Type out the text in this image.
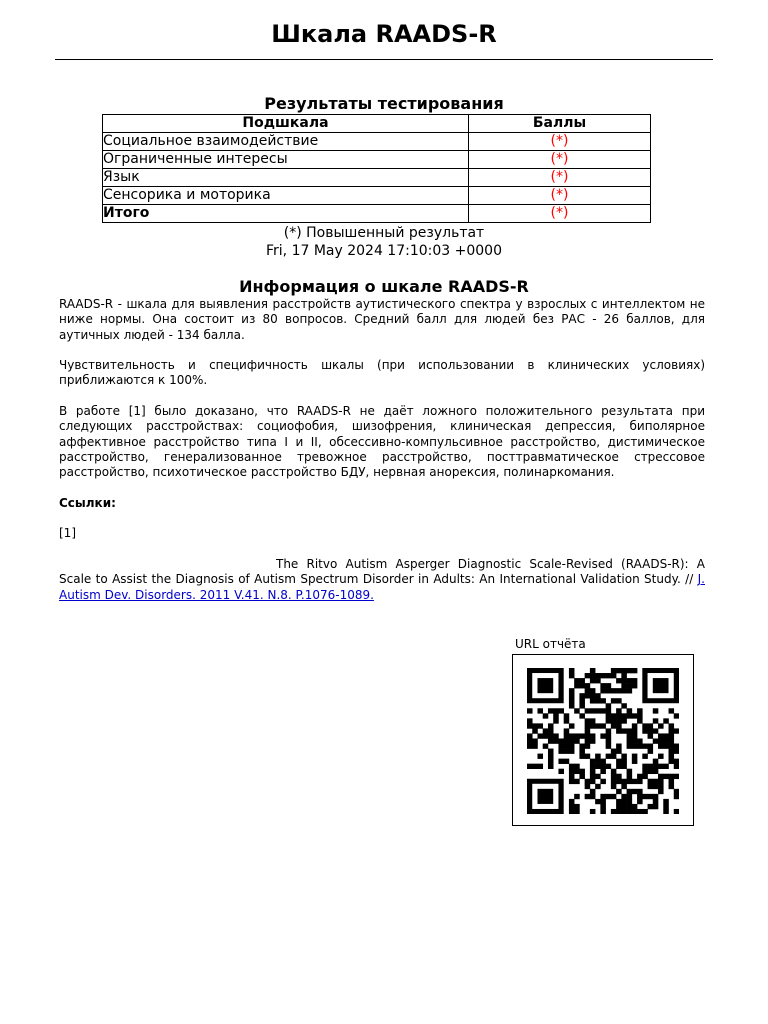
Шкала RAADS-R
Результаты тестирования
Подшкала	Баллы
Социальное взаимодействие	(*)
Ограниченные интересы	(*)
Язык	(*)
Сенсорика и моторика	(*)
Итого	(*)
(*) Повышенный результат
Fri, 17 May 2024 17:10:03 +0000
Информация о шкале RAADS-R

RAADS-R - шкала для выявления расстройств аутистического спектра у взрослых с интеллектом не ниже нормы. Она состоит из 80 вопросов. Средний балл для людей без РАС - 26 баллов, для аутичных людей - 134 балла.

Чувствительность и специфичность шкалы (при использовании в клинических условиях) приближаются к 100%.

В работе [1] было доказано, что RAADS-R не даёт ложного положительного результата при следующих расстройствах: социофобия, шизофрения, клиническая депрессия, биполярное аффективное расстройство типа I и II, обсессивно-компульсивное расстройство, дистимическое расстройство, генерализованное тревожное расстройство, посттравматическое стрессовое расстройство, психотическое расстройство БДУ, нервная анорексия, полинаркомания.

Ссылки:

[1]

The Ritvo Autism Asperger Diagnostic Scale-Revised (RAADS-R): A Scale to Assist the Diagnosis of Autism Spectrum Disorder in Adults: An International Validation Study. // J. Autism Dev. Disorders. 2011 V.41. N.8. P.1076-1089.

URL отчёта
